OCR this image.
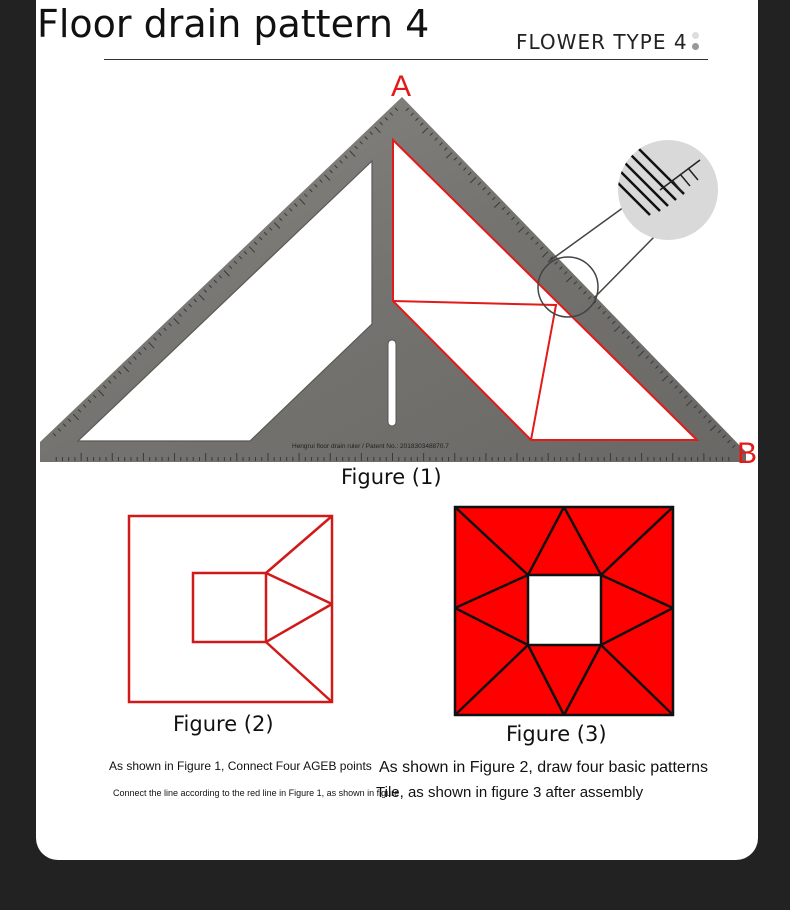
Floor drain pattern 4	FLOWER TYPE 4
A
B
Hengrui floor drain ruler / Patent No.: 201830348870.7
Figure (1)
Figure (2)	Figure (3)
As shown in Figure 1, Connect Four AGEB points As shown in Figure 2, draw four basic patterns
Connect the line according to the red line in Figure 1, as shown in figure
Tile, as shown in figure 3 after assembly
